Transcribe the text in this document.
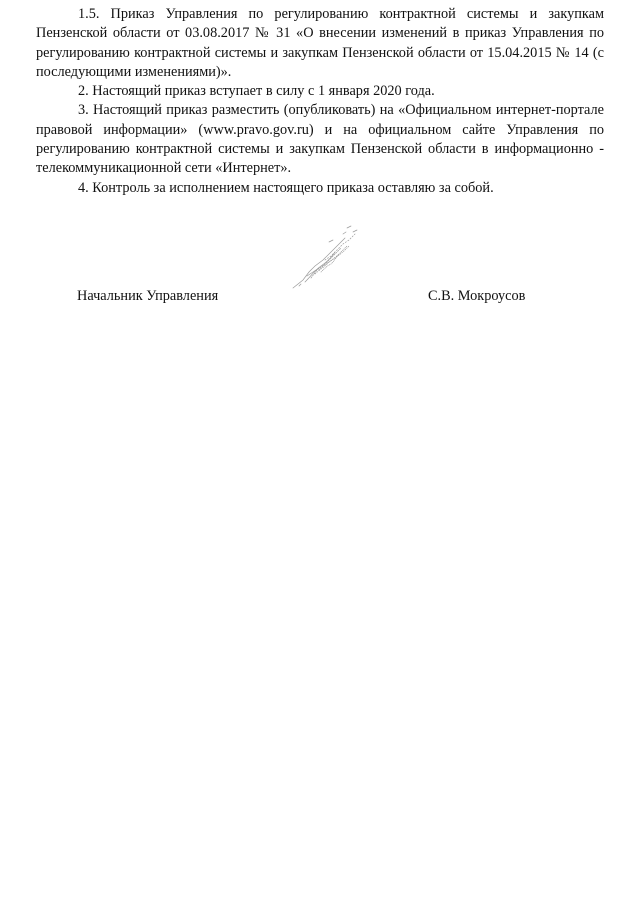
1.5. Приказ Управления по регулированию контрактной системы и закупкам Пензенской области от 03.08.2017 № 31 «О внесении изменений в приказ Управления по регулированию контрактной системы и закупкам Пензенской области от 15.04.2015 № 14 (с последующими изменениями)».

2. Настоящий приказ вступает в силу с 1 января 2020 года.

3. Настоящий приказ разместить (опубликовать) на «Официальном интернет-портале правовой информации» (www.pravo.gov.ru) и на официальном сайте Управления по регулированию контрактной системы и закупкам Пензенской области в информационно - телекоммуникационной сети «Интернет».

4. Контроль за исполнением настоящего приказа оставляю за собой.

Начальник Управления	С.В. Мокроусов
